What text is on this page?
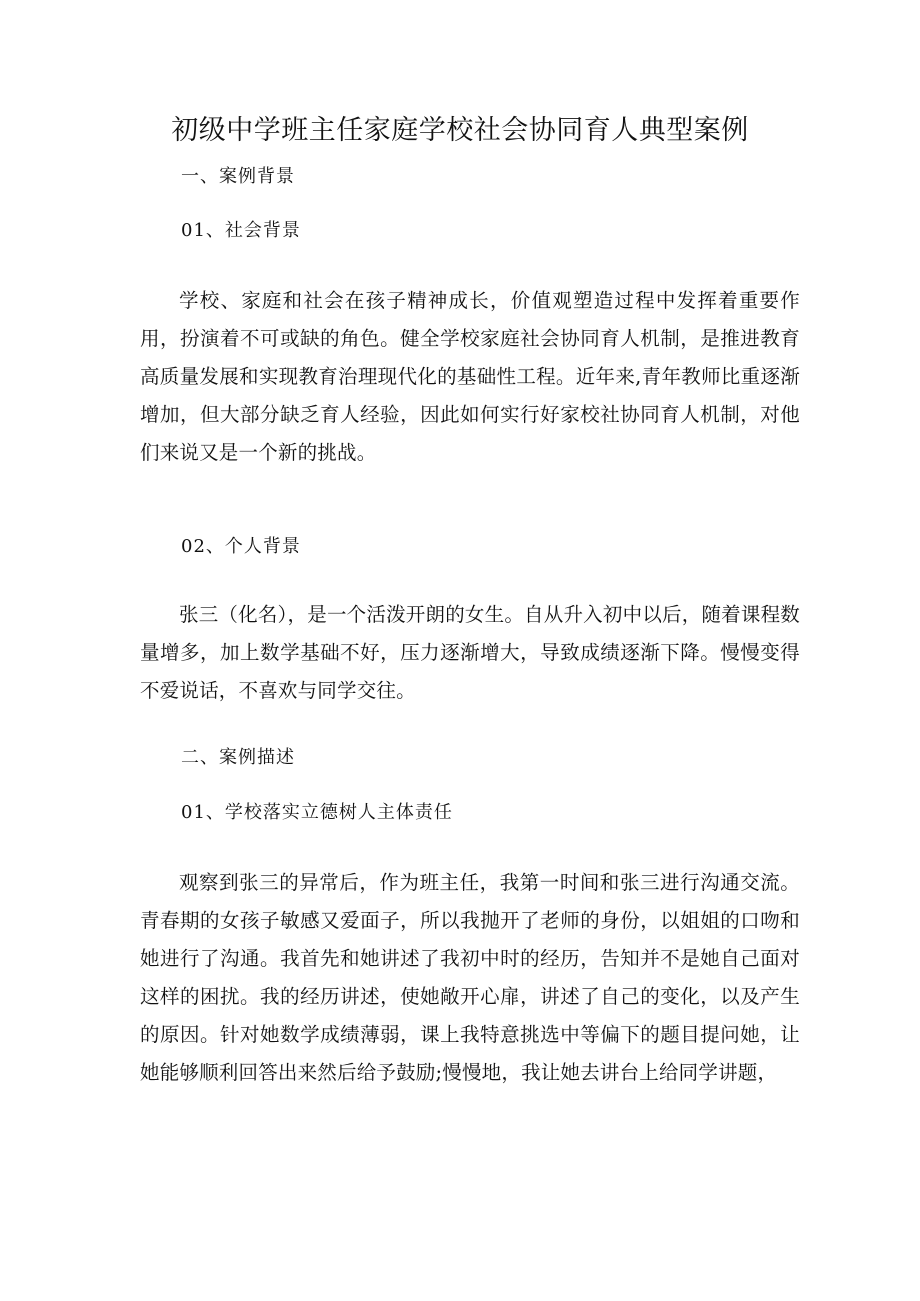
初级中学班主任家庭学校社会协同育人典型案例
一、案例背景
01、社会背景

学校、家庭和社会在孩子精神成长，价值观塑造过程中发挥着重要作用，扮演着不可或缺的角色。健全学校家庭社会协同育人机制，是推进教育高质量发展和实现教育治理现代化的基础性工程。近年来,青年教师比重逐渐增加，但大部分缺乏育人经验，因此如何实行好家校社协同育人机制，对他们来说又是一个新的挑战。

02、个人背景

张三（化名），是一个活泼开朗的女生。自从升入初中以后，随着课程数量增多，加上数学基础不好，压力逐渐增大，导致成绩逐渐下降。慢慢变得不爱说话，不喜欢与同学交往。

二、案例描述
01、学校落实立德树人主体责任

观察到张三的异常后，作为班主任，我第一时间和张三进行沟通交流。青春期的女孩子敏感又爱面子，所以我抛开了老师的身份，以姐姐的口吻和她进行了沟通。我首先和她讲述了我初中时的经历，告知并不是她自己面对这样的困扰。我的经历讲述，使她敞开心扉，讲述了自己的变化，以及产生的原因。针对她数学成绩薄弱，课上我特意挑选中等偏下的题目提问她，让她能够顺利回答出来然后给予鼓励;慢慢地，我让她去讲台上给同学讲题，
